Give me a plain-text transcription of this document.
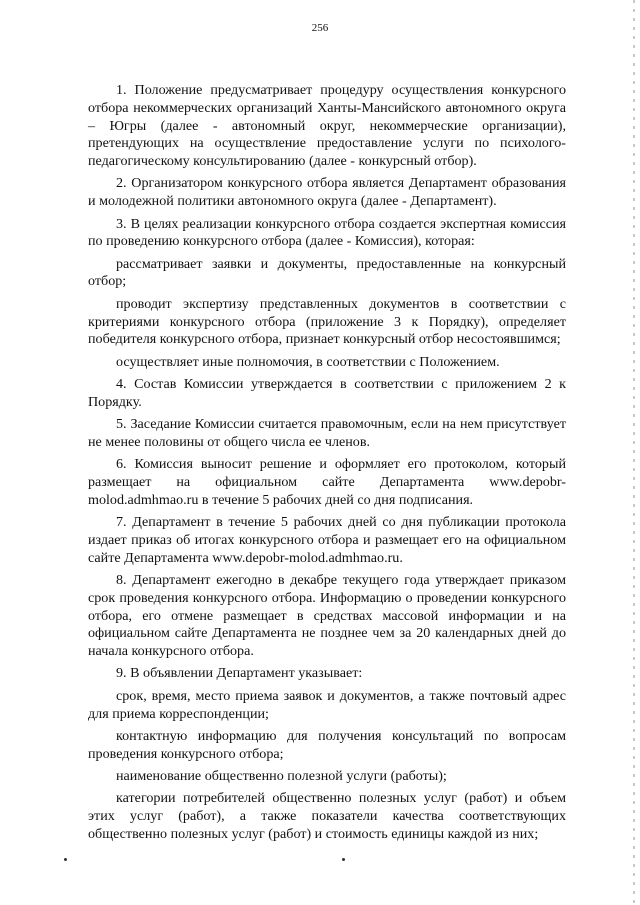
256

1. Положение предусматривает процедуру осуществления конкурсного отбора некоммерческих организаций Ханты-Мансийского автономного округа – Югры (далее - автономный округ, некоммерческие организации), претендующих на осуществление предоставление услуги по психолого-педагогическому консультированию (далее - конкурсный отбор).

2. Организатором конкурсного отбора является Департамент образования и молодежной политики автономного округа (далее - Департамент).

3. В целях реализации конкурсного отбора создается экспертная комиссия по проведению конкурсного отбора (далее - Комиссия), которая:

рассматривает заявки и документы, предоставленные на конкурсный отбор;

проводит экспертизу представленных документов в соответствии с критериями конкурсного отбора (приложение 3 к Порядку), определяет победителя конкурсного отбора, признает конкурсный отбор несостоявшимся;

осуществляет иные полномочия, в соответствии с Положением.

4. Состав Комиссии утверждается в соответствии с приложением 2 к Порядку.

5. Заседание Комиссии считается правомочным, если на нем присутствует не менее половины от общего числа ее членов.

6. Комиссия выносит решение и оформляет его протоколом, который размещает на официальном сайте Департамента www.depobr-molod.admhmao.ru в течение 5 рабочих дней со дня подписания.

7. Департамент в течение 5 рабочих дней со дня публикации протокола издает приказ об итогах конкурсного отбора и размещает его на официальном сайте Департамента www.depobr-molod.admhmao.ru.

8. Департамент ежегодно в декабре текущего года утверждает приказом срок проведения конкурсного отбора. Информацию о проведении конкурсного отбора, его отмене размещает в средствах массовой информации и на официальном сайте Департамента не позднее чем за 20 календарных дней до начала конкурсного отбора.

9. В объявлении Департамент указывает:

срок, время, место приема заявок и документов, а также почтовый адрес для приема корреспонденции;

контактную информацию для получения консультаций по вопросам проведения конкурсного отбора;

наименование общественно полезной услуги (работы);

категории потребителей общественно полезных услуг (работ) и объем этих услуг (работ), а также показатели качества соответствующих общественно полезных услуг (работ) и стоимость единицы каждой из них;
